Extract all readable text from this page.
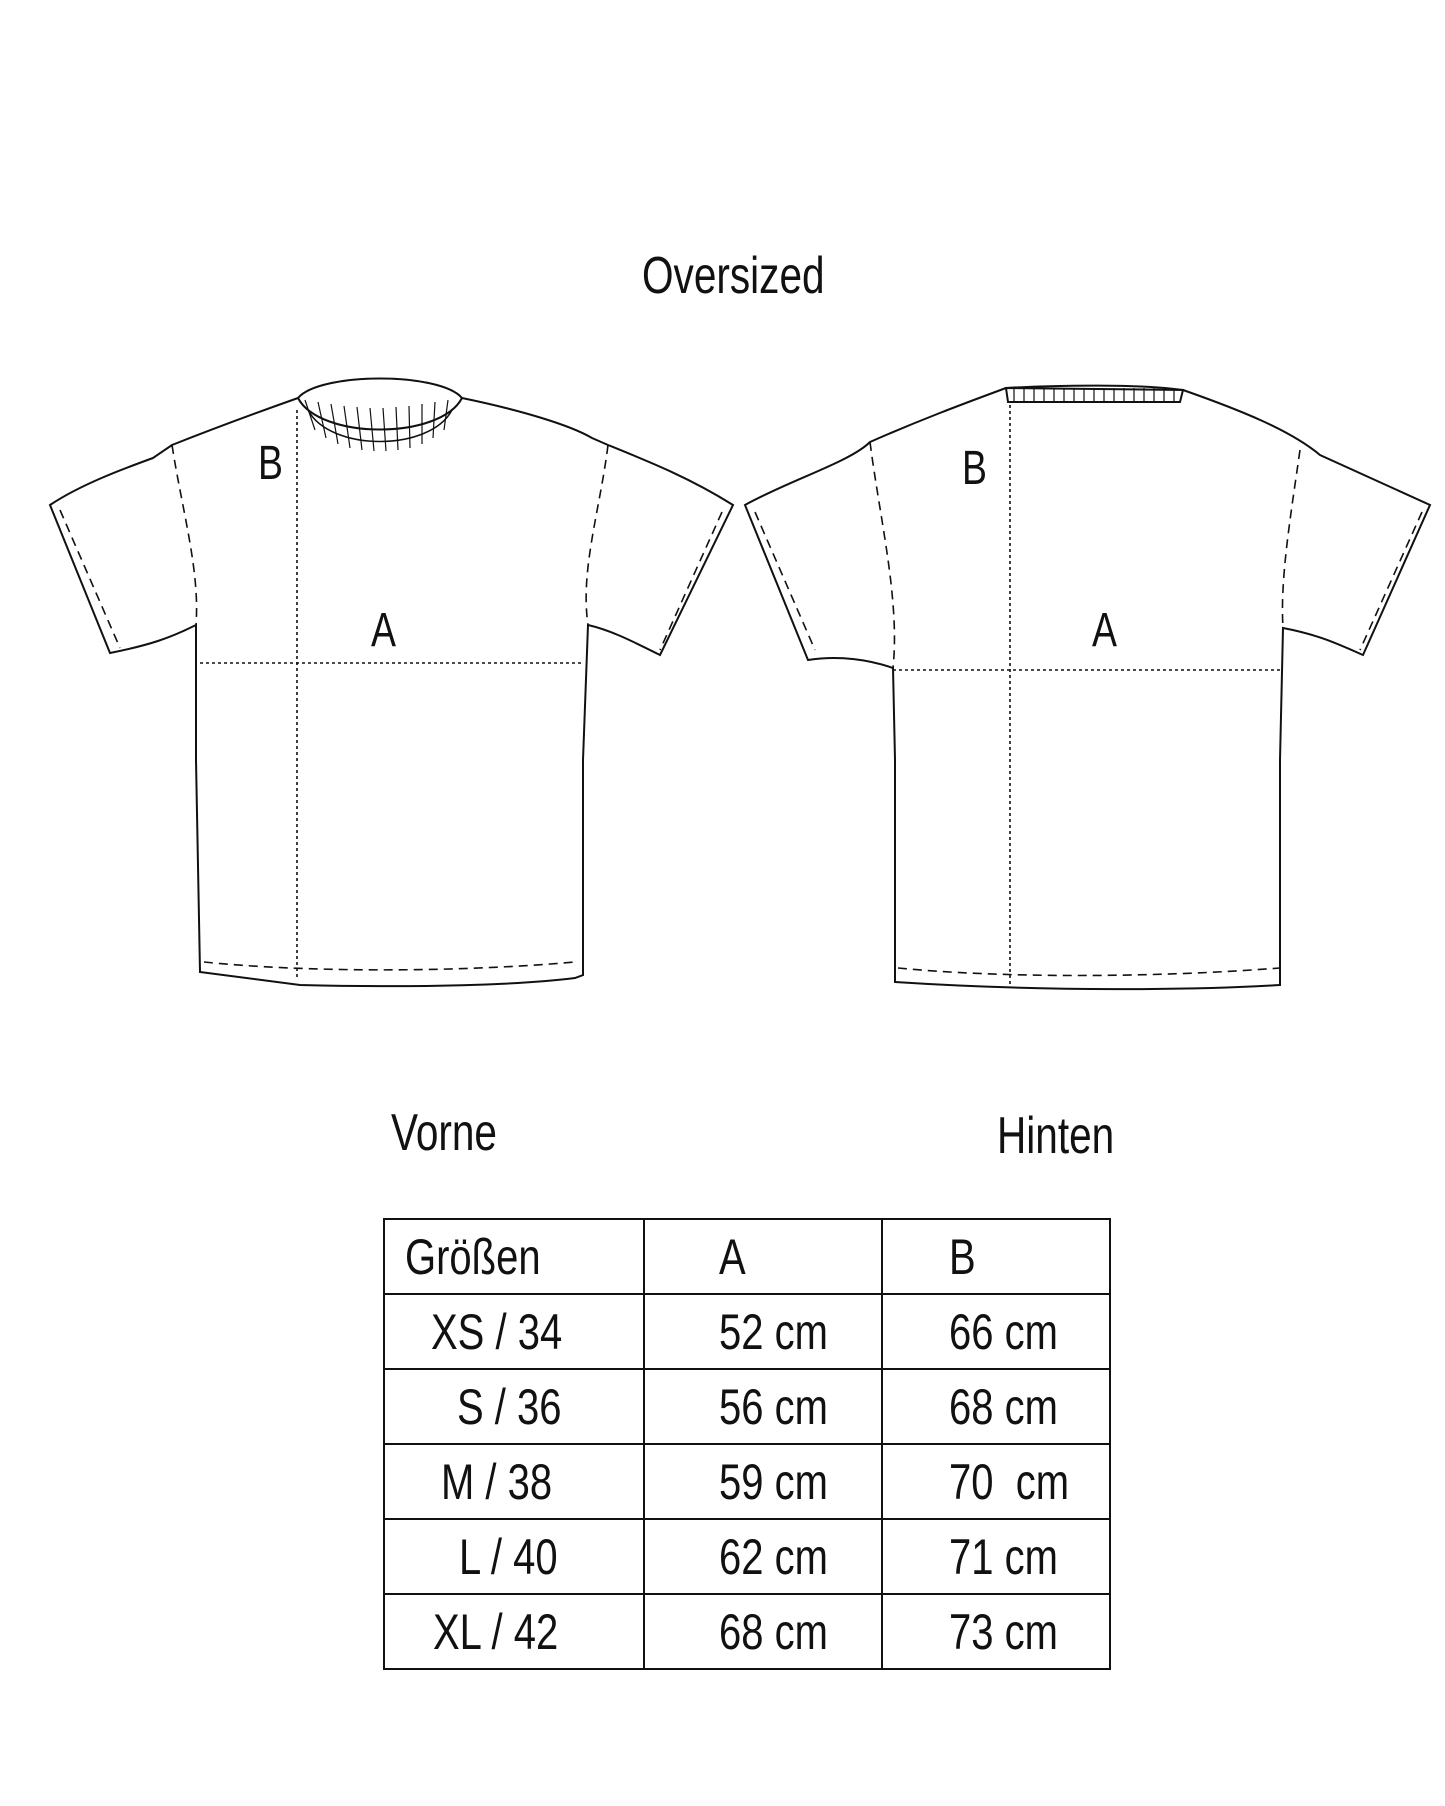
Oversized
B
A
Vorne
B
A
Hinten
Größen	A	B
XS / 34	52 cm	66 cm
S / 36	56 cm	68 cm
M / 38	59 cm	70  cm
L / 40	62 cm	71 cm
XL / 42	68 cm	73 cm
